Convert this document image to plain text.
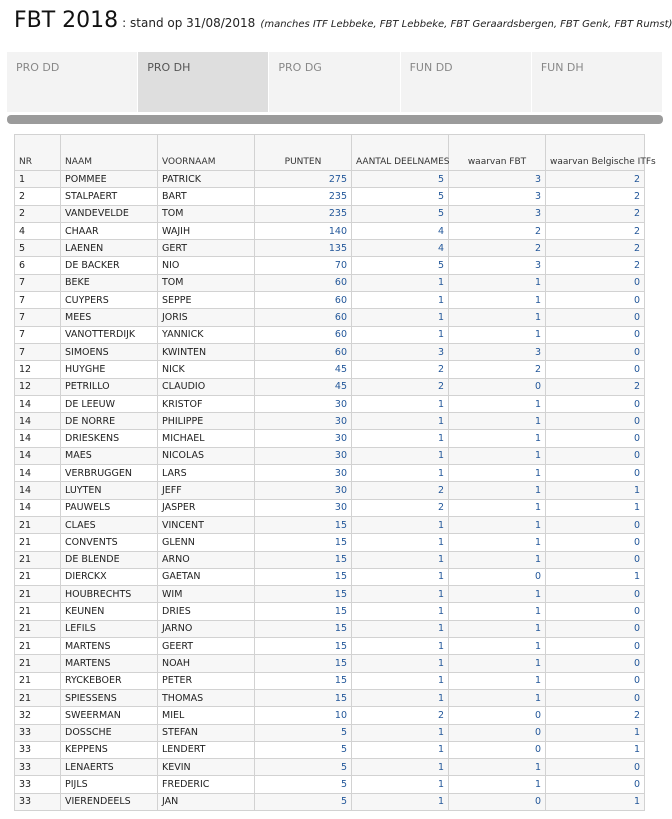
FBT 2018 : stand op 31/08/2018 (manches ITF Lebbeke, FBT Lebbeke, FBT Geraardsbergen, FBT Genk, FBT Rumst)
PRO DD	PRO DH	PRO DG	FUN DD	FUN DH
NR	NAAM	VOORNAAM	PUNTEN	AANTAL DEELNAMES	waarvan FBT	waarvan Belgische ITFs
1	POMMEE	PATRICK	275	5	3	2
2	STALPAERT	BART	235	5	3	2
2	VANDEVELDE	TOM	235	5	3	2
4	CHAAR	WAJIH	140	4	2	2
5	LAENEN	GERT	135	4	2	2
6	DE BACKER	NIO	70	5	3	2
7	BEKE	TOM	60	1	1	0
7	CUYPERS	SEPPE	60	1	1	0
7	MEES	JORIS	60	1	1	0
7	VANOTTERDIJK	YANNICK	60	1	1	0
7	SIMOENS	KWINTEN	60	3	3	0
12	HUYGHE	NICK	45	2	2	0
12	PETRILLO	CLAUDIO	45	2	0	2
14	DE LEEUW	KRISTOF	30	1	1	0
14	DE NORRE	PHILIPPE	30	1	1	0
14	DRIESKENS	MICHAEL	30	1	1	0
14	MAES	NICOLAS	30	1	1	0
14	VERBRUGGEN	LARS	30	1	1	0
14	LUYTEN	JEFF	30	2	1	1
14	PAUWELS	JASPER	30	2	1	1
21	CLAES	VINCENT	15	1	1	0
21	CONVENTS	GLENN	15	1	1	0
21	DE BLENDE	ARNO	15	1	1	0
21	DIERCKX	GAETAN	15	1	0	1
21	HOUBRECHTS	WIM	15	1	1	0
21	KEUNEN	DRIES	15	1	1	0
21	LEFILS	JARNO	15	1	1	0
21	MARTENS	GEERT	15	1	1	0
21	MARTENS	NOAH	15	1	1	0
21	RYCKEBOER	PETER	15	1	1	0
21	SPIESSENS	THOMAS	15	1	1	0
32	SWEERMAN	MIEL	10	2	0	2
33	DOSSCHE	STEFAN	5	1	0	1
33	KEPPENS	LENDERT	5	1	0	1
33	LENAERTS	KEVIN	5	1	1	0
33	PIJLS	FREDERIC	5	1	1	0
33	VIERENDEELS	JAN	5	1	0	1
